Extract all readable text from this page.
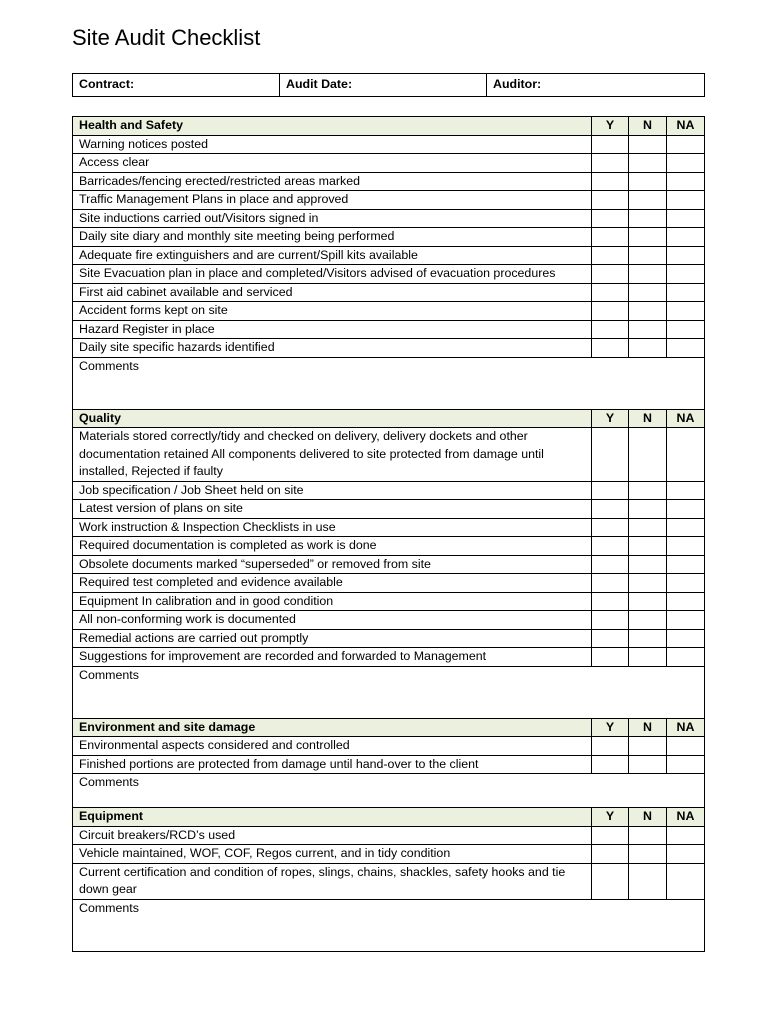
Site Audit Checklist
Contract:	Audit Date:	Auditor:
Health and Safety	Y	N	NA
Warning notices posted			
Access clear			
Barricades/fencing erected/restricted areas marked			
Traffic Management Plans in place and approved			
Site inductions carried out/Visitors signed in			
Daily site diary and monthly site meeting being performed			
Adequate fire extinguishers and are current/Spill kits available			
Site Evacuation plan in place and completed/Visitors advised of evacuation procedures			
First aid cabinet available and serviced			
Accident forms kept on site			
Hazard Register in place			
Daily site specific hazards identified			
Comments			
Quality	Y	N	NA
Materials stored correctly/tidy and checked on delivery, delivery dockets and other documentation retained All components delivered to site protected from damage until installed, Rejected if faulty			
Job specification / Job Sheet held on site			
Latest version of plans on site			
Work instruction & Inspection Checklists in use			
Required documentation is completed as work is done			
Obsolete documents marked “superseded” or removed from site			
Required test completed and evidence available			
Equipment In calibration and in good condition			
All non-conforming work is documented			
Remedial actions are carried out promptly			
Suggestions for improvement are recorded and forwarded to Management			
Comments			
Environment and site damage	Y	N	NA
Environmental aspects considered and controlled			
Finished portions are protected from damage until hand-over to the client			
Comments			
Equipment	Y	N	NA
Circuit breakers/RCD’s used			
Vehicle maintained, WOF, COF, Regos current, and in tidy condition			
Current certification and condition of ropes, slings, chains, shackles, safety hooks and tie down gear			
Comments			
